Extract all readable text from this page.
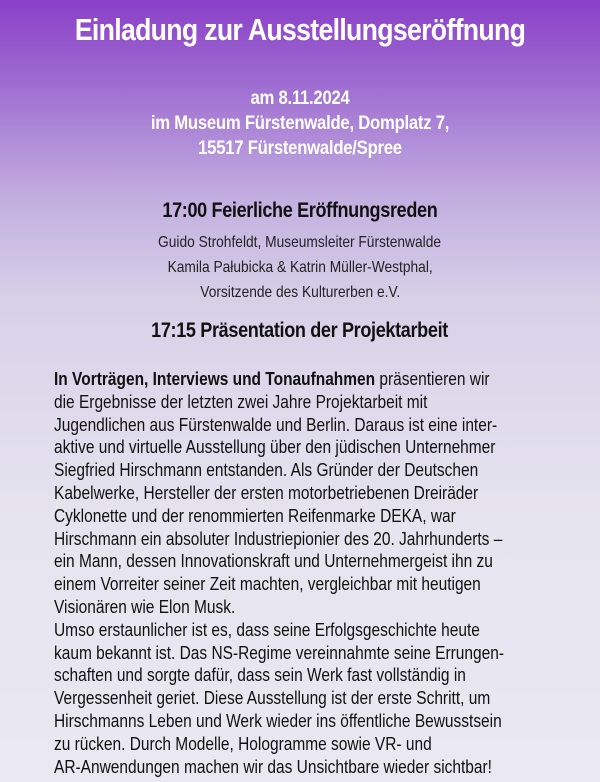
Einladung zur Ausstellungseröffnung
am 8.11.2024
im Museum Fürstenwalde, Domplatz 7,
15517 Fürstenwalde/Spree
17:00 Feierliche Eröffnungsreden
Guido Strohfeldt, Museumsleiter Fürstenwalde
Kamila Pałubicka & Katrin Müller-Westphal,
Vorsitzende des Kulturerben e.V.
17:15 Präsentation der Projektarbeit
In Vorträgen, Interviews und Tonaufnahmen präsentieren wir
die Ergebnisse der letzten zwei Jahre Projektarbeit mit
Jugendlichen aus Fürstenwalde und Berlin. Daraus ist eine inter-
aktive und virtuelle Ausstellung über den jüdischen Unternehmer
Siegfried Hirschmann entstanden. Als Gründer der Deutschen
Kabelwerke, Hersteller der ersten motorbetriebenen Dreiräder
Cyklonette und der renommierten Reifenmarke DEKA, war
Hirschmann ein absoluter Industriepionier des 20. Jahrhunderts –
ein Mann, dessen Innovationskraft und Unternehmergeist ihn zu
einem Vorreiter seiner Zeit machten, vergleichbar mit heutigen
Visionären wie Elon Musk.
Umso erstaunlicher ist es, dass seine Erfolgsgeschichte heute
kaum bekannt ist. Das NS-Regime vereinnahmte seine Errungen-
schaften und sorgte dafür, dass sein Werk fast vollständig in
Vergessenheit geriet. Diese Ausstellung ist der erste Schritt, um
Hirschmanns Leben und Werk wieder ins öffentliche Bewusstsein
zu rücken. Durch Modelle, Hologramme sowie VR- und
AR-Anwendungen machen wir das Unsichtbare wieder sichtbar!
